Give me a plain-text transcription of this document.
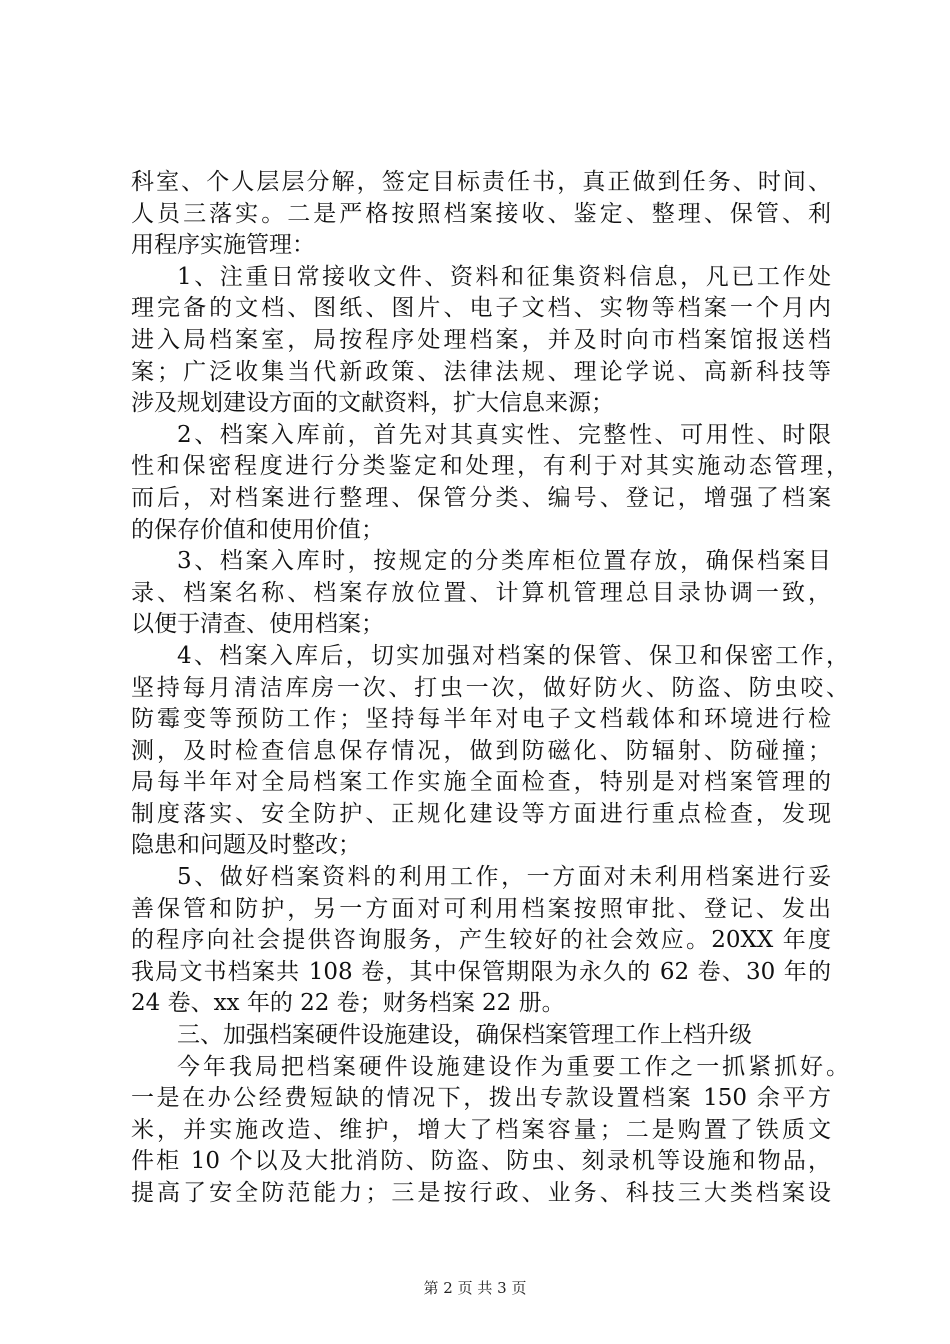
科室、个人层层分解，签定目标责任书，真正做到任务、时间、
人员三落实。二是严格按照档案接收、鉴定、整理、保管、利
用程序实施管理：
1、注重日常接收文件、资料和征集资料信息，凡已工作处
理完备的文档、图纸、图片、电子文档、实物等档案一个月内
进入局档案室，局按程序处理档案，并及时向市档案馆报送档
案；广泛收集当代新政策、法律法规、理论学说、高新科技等
涉及规划建设方面的文献资料，扩大信息来源；
2、档案入库前，首先对其真实性、完整性、可用性、时限
性和保密程度进行分类鉴定和处理，有利于对其实施动态管理，
而后，对档案进行整理、保管分类、编号、登记，增强了档案
的保存价值和使用价值；
3、档案入库时，按规定的分类库柜位置存放，确保档案目
录、档案名称、档案存放位置、计算机管理总目录协调一致，
以便于清查、使用档案；
4、档案入库后，切实加强对档案的保管、保卫和保密工作，
坚持每月清洁库房一次、打虫一次，做好防火、防盗、防虫咬、
防霉变等预防工作；坚持每半年对电子文档载体和环境进行检
测，及时检查信息保存情况，做到防磁化、防辐射、防碰撞；
局每半年对全局档案工作实施全面检查，特别是对档案管理的
制度落实、安全防护、正规化建设等方面进行重点检查，发现
隐患和问题及时整改；
5、做好档案资料的利用工作，一方面对未利用档案进行妥
善保管和防护，另一方面对可利用档案按照审批、登记、发出
的程序向社会提供咨询服务，产生较好的社会效应。20XX 年度
我局文书档案共 108 卷，其中保管期限为永久的 62 卷、30 年的
24 卷、xx 年的 22 卷；财务档案 22 册。
三、加强档案硬件设施建设，确保档案管理工作上档升级
今年我局把档案硬件设施建设作为重要工作之一抓紧抓好。
一是在办公经费短缺的情况下，拨出专款设置档案 150 余平方
米，并实施改造、维护，增大了档案容量；二是购置了铁质文
件柜 10 个以及大批消防、防盗、防虫、刻录机等设施和物品，
提高了安全防范能力；三是按行政、业务、科技三大类档案设
第 2 页 共 3 页
